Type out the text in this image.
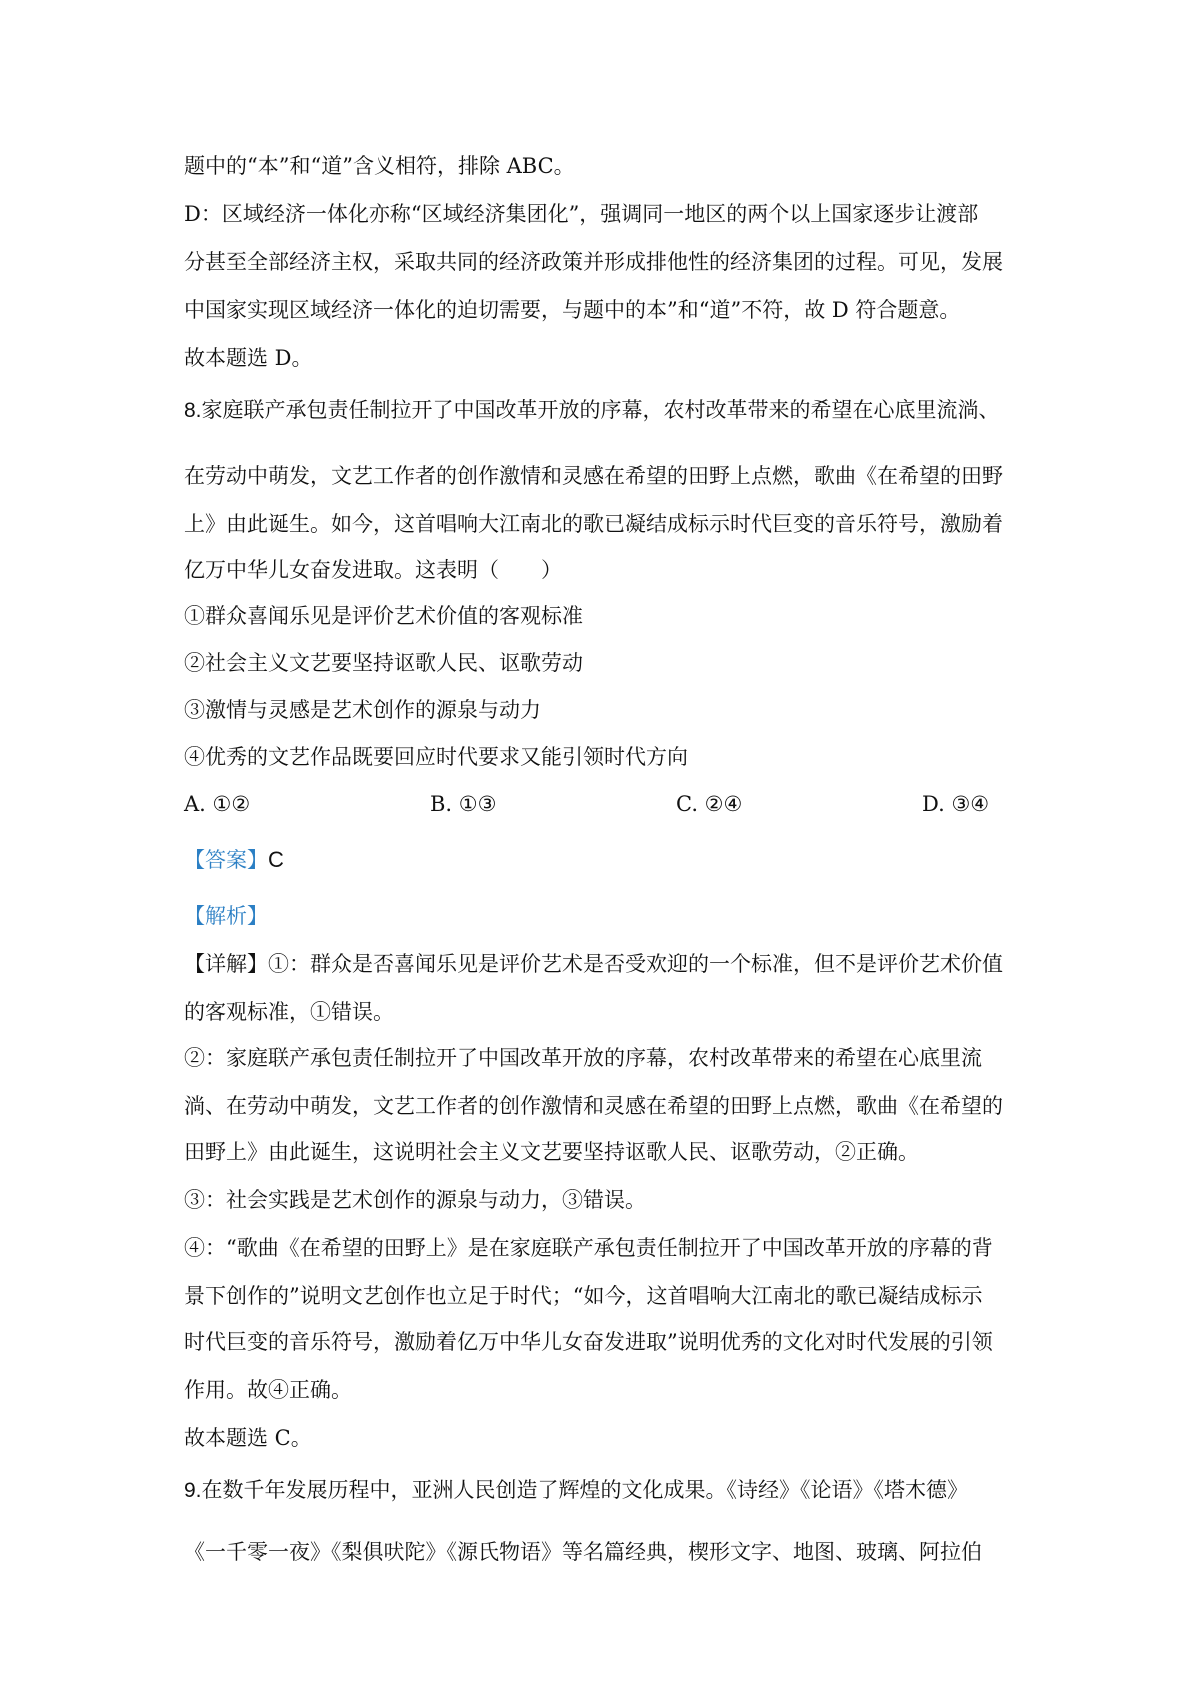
题中的“本”和“道”含义相符，排除 ABC。
D：区域经济一体化亦称“区域经济集团化”，强调同一地区的两个以上国家逐步让渡部
分甚至全部经济主权，采取共同的经济政策并形成排他性的经济集团的过程。可见，发展
中国家实现区域经济一体化的迫切需要，与题中的本”和“道”不符，故 D 符合题意。
故本题选 D。
8.家庭联产承包责任制拉开了中国改革开放的序幕，农村改革带来的希望在心底里流淌、
在劳动中萌发，文艺工作者的创作激情和灵感在希望的田野上点燃，歌曲《在希望的田野
上》由此诞生。如今，这首唱响大江南北的歌已凝结成标示时代巨变的音乐符号，激励着
亿万中华儿女奋发进取。这表明（　　）
①群众喜闻乐见是评价艺术价值的客观标准
②社会主义文艺要坚持讴歌人民、讴歌劳动
③激情与灵感是艺术创作的源泉与动力
④优秀的文艺作品既要回应时代要求又能引领时代方向
A. ①②	B. ①③	C. ②④	D. ③④
【答案】C
【解析】
【详解】①：群众是否喜闻乐见是评价艺术是否受欢迎的一个标准，但不是评价艺术价值
的客观标准，①错误。
②：家庭联产承包责任制拉开了中国改革开放的序幕，农村改革带来的希望在心底里流
淌、在劳动中萌发，文艺工作者的创作激情和灵感在希望的田野上点燃，歌曲《在希望的
田野上》由此诞生，这说明社会主义文艺要坚持讴歌人民、讴歌劳动，②正确。
③：社会实践是艺术创作的源泉与动力，③错误。
④：“歌曲《在希望的田野上》是在家庭联产承包责任制拉开了中国改革开放的序幕的背
景下创作的”说明文艺创作也立足于时代；“如今，这首唱响大江南北的歌已凝结成标示
时代巨变的音乐符号，激励着亿万中华儿女奋发进取”说明优秀的文化对时代发展的引领
作用。故④正确。
故本题选 C。
9.在数千年发展历程中，亚洲人民创造了辉煌的文化成果。《诗经》《论语》《塔木德》
《一千零一夜》《梨俱吠陀》《源氏物语》等名篇经典，楔形文字、地图、玻璃、阿拉伯
